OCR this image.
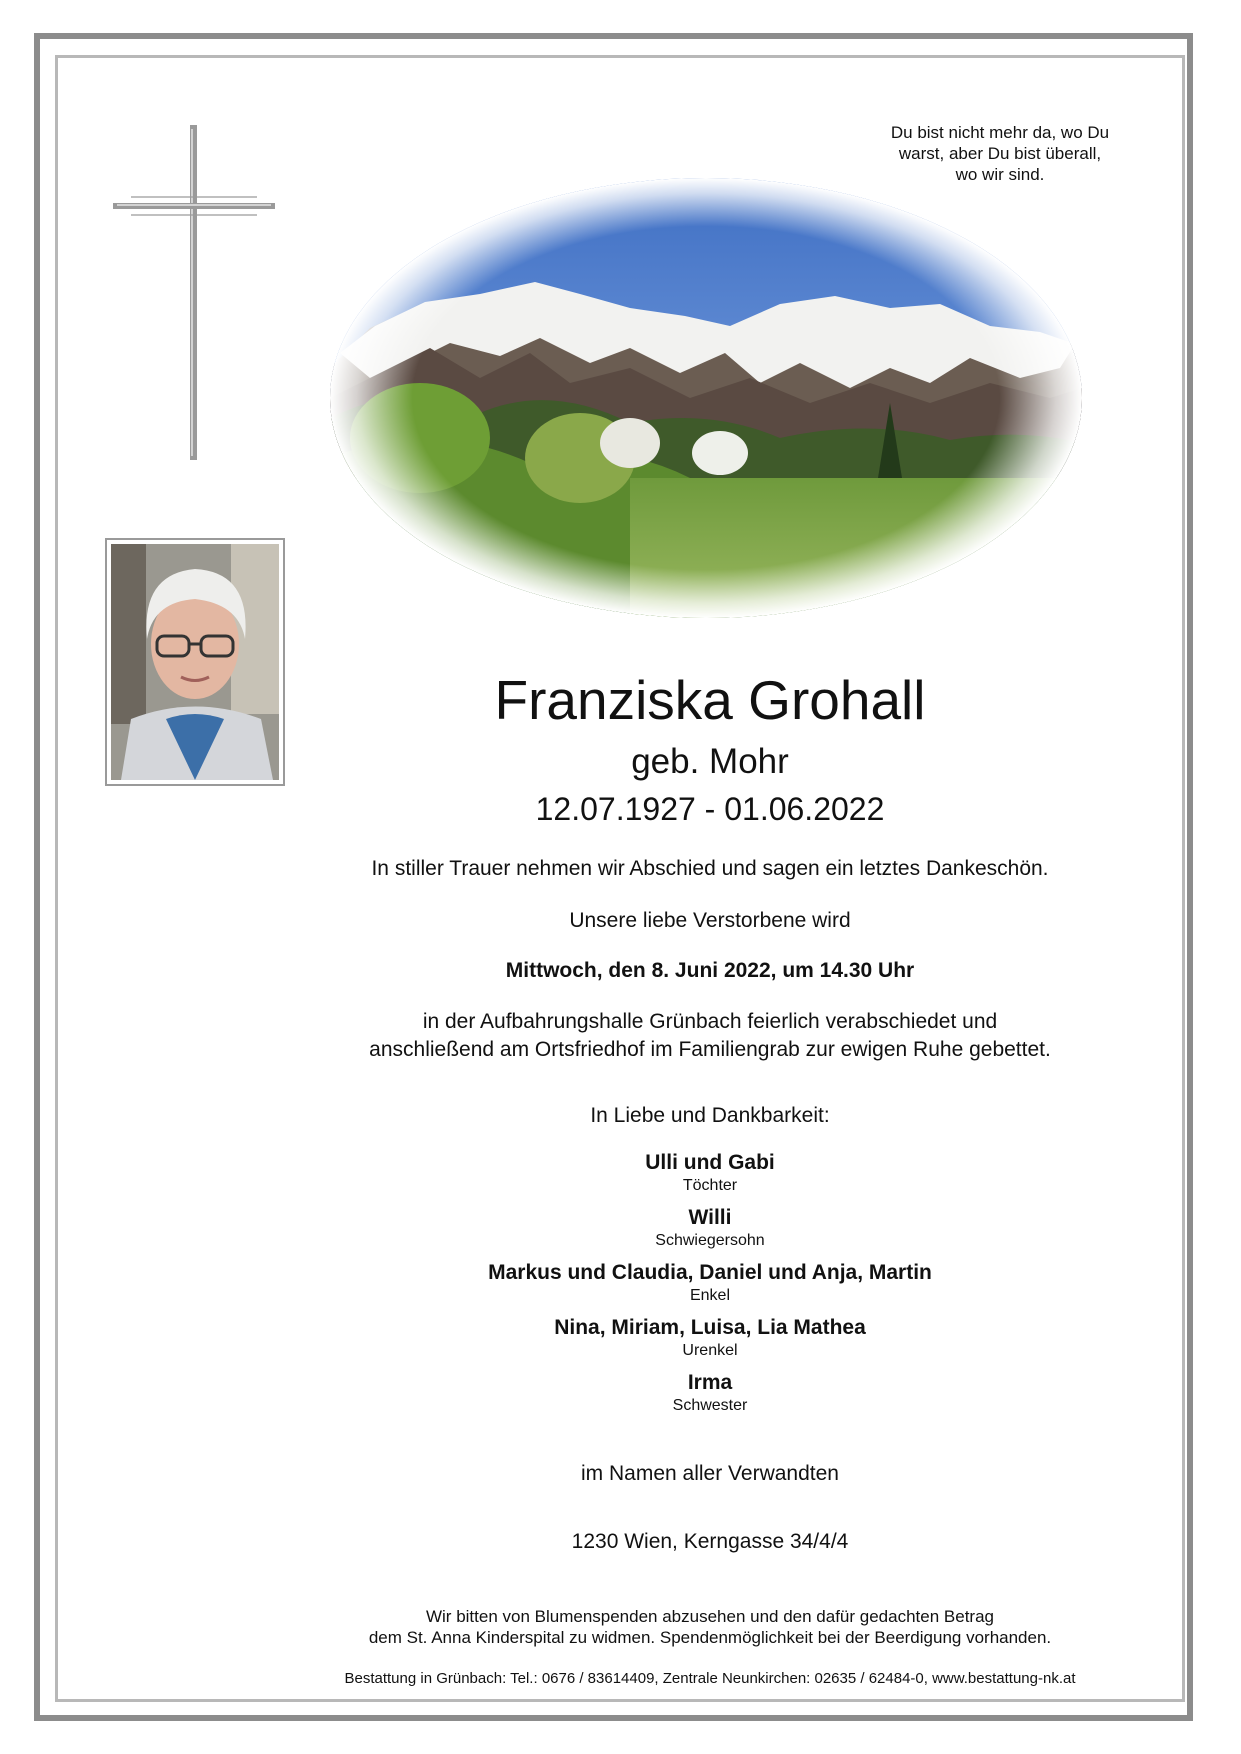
Du bist nicht mehr da, wo Du
warst, aber Du bist überall,
wo wir sind.
Franziska Grohall
geb. Mohr
12.07.1927 - 01.06.2022
In stiller Trauer nehmen wir Abschied und sagen ein letztes Dankeschön.
Unsere liebe Verstorbene wird
Mittwoch, den 8. Juni 2022, um 14.30 Uhr
in der Aufbahrungshalle Grünbach feierlich verabschiedet und
anschließend am Ortsfriedhof im Familiengrab zur ewigen Ruhe gebettet.
In Liebe und Dankbarkeit:
Ulli und Gabi
Töchter
Willi
Schwiegersohn
Markus und Claudia, Daniel und Anja, Martin
Enkel
Nina, Miriam, Luisa, Lia Mathea
Urenkel
Irma
Schwester
im Namen aller Verwandten
1230 Wien, Kerngasse 34/4/4
Wir bitten von Blumenspenden abzusehen und den dafür gedachten Betrag
dem St. Anna Kinderspital zu widmen. Spendenmöglichkeit bei der Beerdigung vorhanden.
Bestattung in Grünbach: Tel.: 0676 / 83614409, Zentrale Neunkirchen: 02635 / 62484-0, www.bestattung-nk.at
